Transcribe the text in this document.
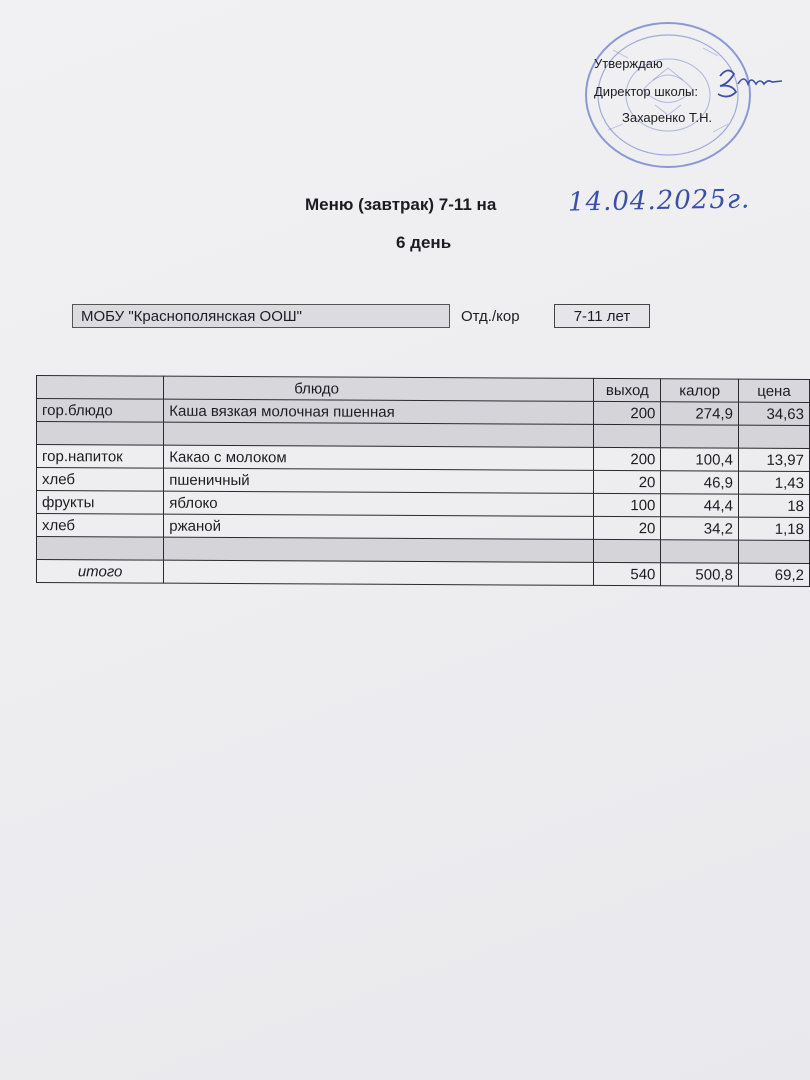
Утверждаю
Директор школы:
Захаренко Т.Н.
Меню (завтрак) 7-11 на	14.04.2025г.
6 день
МОБУ "Краснополянская ООШ"	Отд./кор	7-11 лет
	блюдо	выход	калор	цена
гор.блюдо	Каша вязкая молочная пшенная	200	274,9	34,63

гор.напиток	Какао с молоком	200	100,4	13,97
хлеб	пшеничный	20	46,9	1,43
фрукты	яблоко	100	44,4	18
хлеб	ржаной	20	34,2	1,18

итого		540	500,8	69,2
